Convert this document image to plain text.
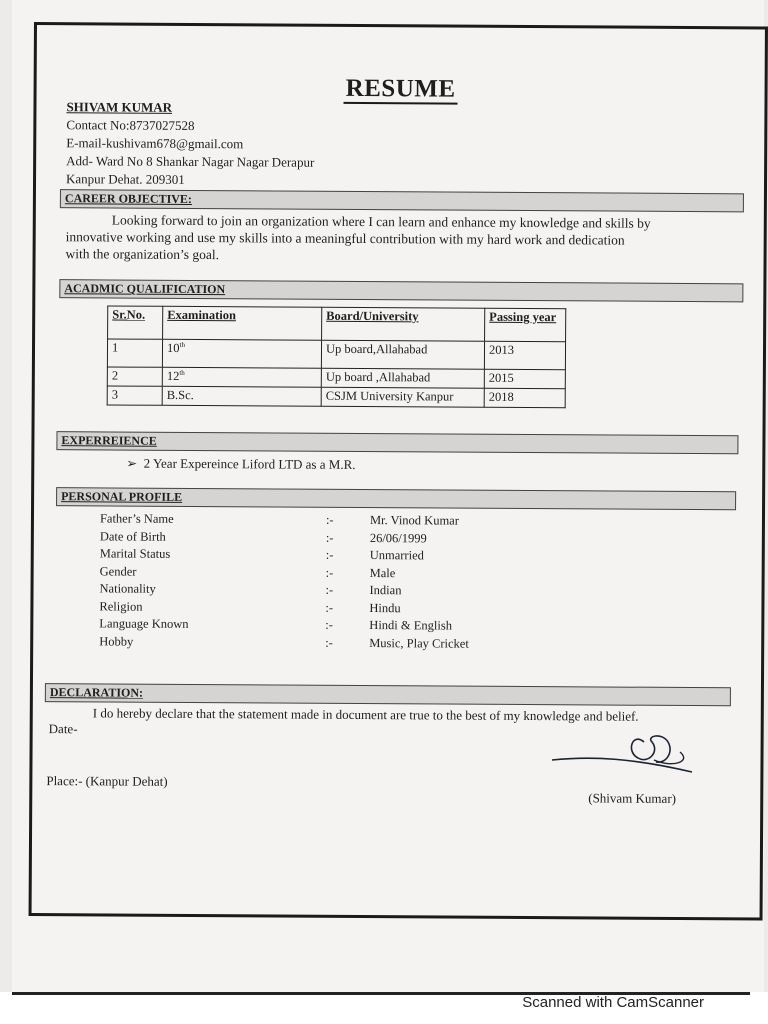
RESUME
SHIVAM KUMAR
Contact No:8737027528
E-mail-kushivam678@gmail.com
Add- Ward No 8 Shankar Nagar Nagar Derapur
Kanpur Dehat. 209301
CAREER OBJECTIVE:
Looking forward to join an organization where I can learn and enhance my knowledge and skills by
innovative working and use my skills into a meaningful contribution with my hard work and dedication
with the organization’s goal.
ACADMIC QUALIFICATION
Sr.No.	Examination	Board/University	Passing year
1	10th	Up board,Allahabad	2013
2	12th	Up board ,Allahabad	2015
3	B.Sc.	CSJM University Kanpur	2018
EXPERREIENCE
➢ 2 Year Expereince Liford LTD as a M.R.
PERSONAL PROFILE
Father’s Name	:-	Mr. Vinod Kumar
Date of Birth	:-	26/06/1999
Marital Status	:-	Unmarried
Gender	:-	Male
Nationality	:-	Indian
Religion	:-	Hindu
Language Known	:-	Hindi & English
Hobby	:-	Music, Play Cricket
DECLARATION:
I do hereby declare that the statement made in document are true to the best of my knowledge and belief.
Date-
Place:- (Kanpur Dehat)
(Shivam Kumar)
Scanned with CamScanner
